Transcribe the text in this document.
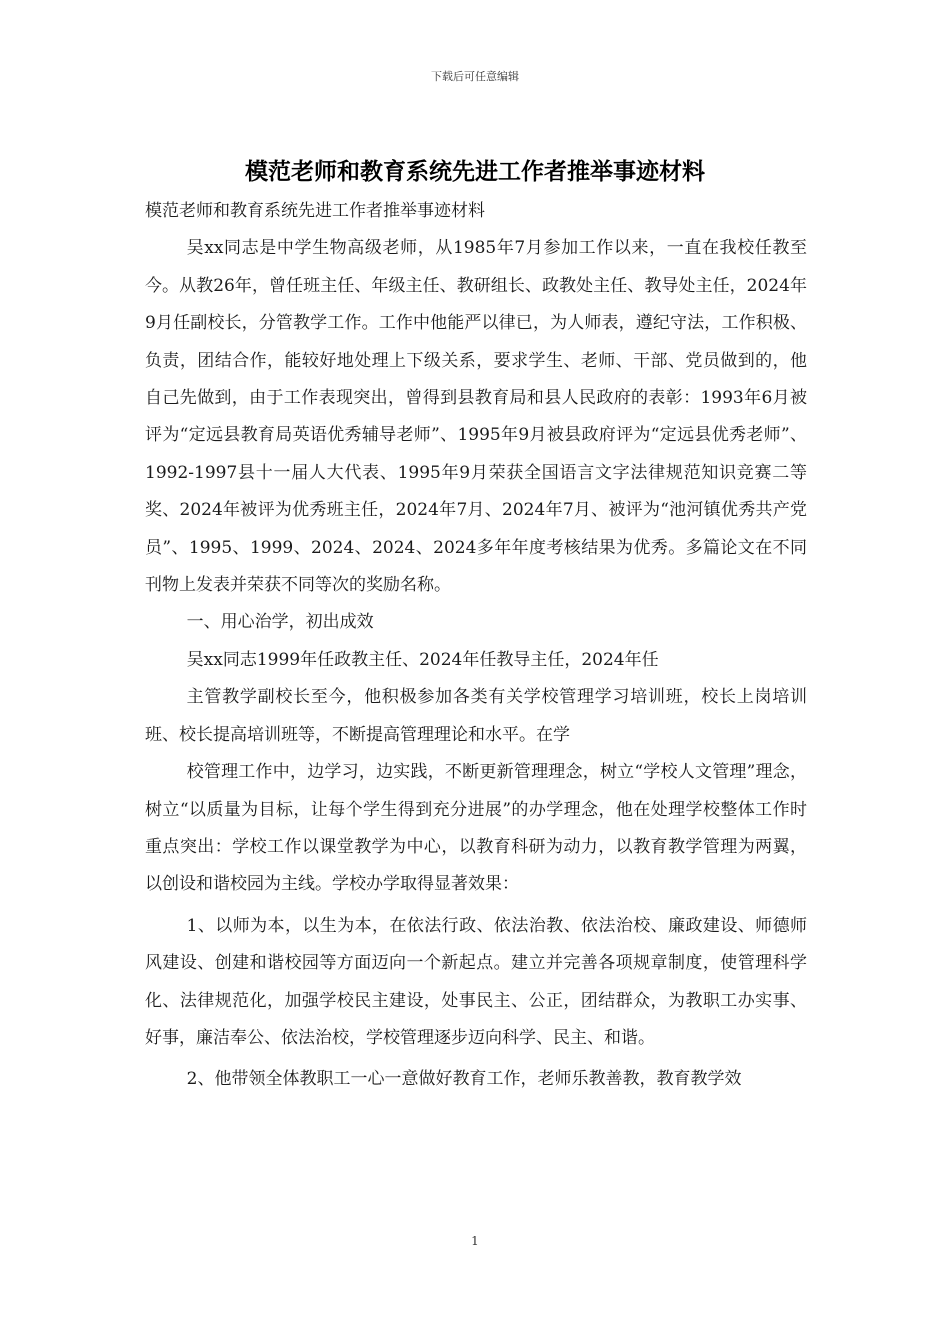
下载后可任意编辑
模范老师和教育系统先进工作者推举事迹材料

模范老师和教育系统先进工作者推举事迹材料

吴xx同志是中学生物高级老师，从1985年7月参加工作以来，一直在我校任教至今。从教26年，曾任班主任、年级主任、教研组长、政教处主任、教导处主任，2024年9月任副校长，分管教学工作。工作中他能严以律已，为人师表，遵纪守法，工作积极、负责，团结合作，能较好地处理上下级关系，要求学生、老师、干部、党员做到的，他自己先做到，由于工作表现突出，曾得到县教育局和县人民政府的表彰：1993年6月被评为“定远县教育局英语优秀辅导老师”、1995年9月被县政府评为“定远县优秀老师”、1992-1997县十一届人大代表、1995年9月荣获全国语言文字法律规范知识竞赛二等奖、2024年被评为优秀班主任，2024年7月、2024年7月、被评为“池河镇优秀共产党员”、1995、1999、2024、2024、2024多年年度考核结果为优秀。多篇论文在不同刊物上发表并荣获不同等次的奖励名称。

一、用心治学，初出成效

吴xx同志1999年任政教主任、2024年任教导主任，2024年任

主管教学副校长至今，他积极参加各类有关学校管理学习培训班，校长上岗培训班、校长提高培训班等，不断提高管理理论和水平。在学

校管理工作中，边学习，边实践，不断更新管理理念，树立“学校人文管理”理念，树立“以质量为目标，让每个学生得到充分进展”的办学理念，他在处理学校整体工作时重点突出：学校工作以课堂教学为中心，以教育科研为动力，以教育教学管理为两翼，以创设和谐校园为主线。学校办学取得显著效果：

1、以师为本，以生为本，在依法行政、依法治教、依法治校、廉政建设、师德师风建设、创建和谐校园等方面迈向一个新起点。建立并完善各项规章制度，使管理科学化、法律规范化，加强学校民主建设，处事民主、公正，团结群众，为教职工办实事、好事，廉洁奉公、依法治校，学校管理逐步迈向科学、民主、和谐。

2、他带领全体教职工一心一意做好教育工作，老师乐教善教，教育教学效

1
